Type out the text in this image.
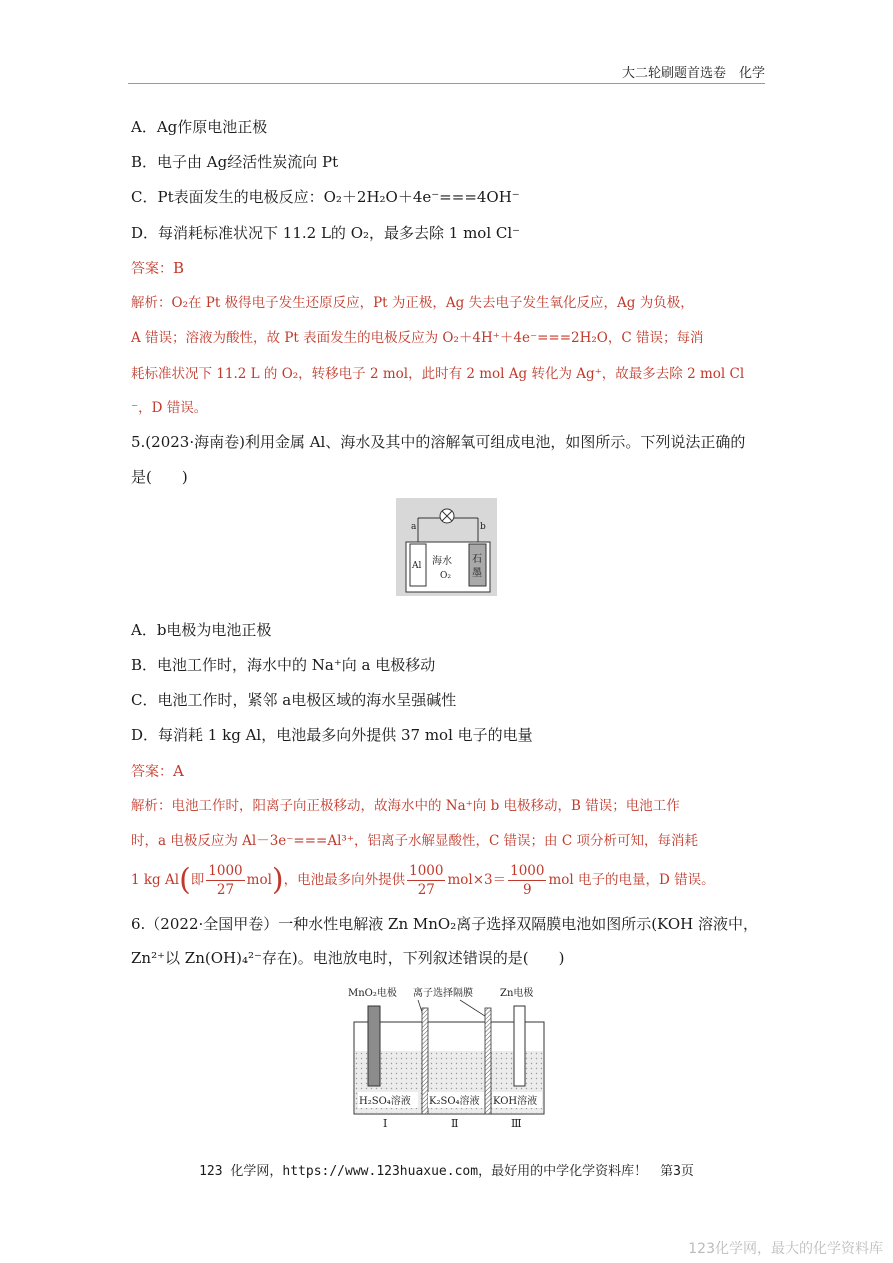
大二轮刷题首选卷　化学
A．Ag作原电池正极
B．电子由 Ag经活性炭流向 Pt
C．Pt表面发生的电极反应：O₂＋2H₂O＋4e⁻===4OH⁻
D．每消耗标准状况下 11.2 L的 O₂，最多去除 1 mol Cl⁻
答案：B
解析：O₂在 Pt 极得电子发生还原反应，Pt 为正极，Ag 失去电子发生氧化反应，Ag 为负极，
A 错误；溶液为酸性，故 Pt 表面发生的电极反应为 O₂＋4H⁺＋4e⁻===2H₂O，C 错误；每消
耗标准状况下 11.2 L 的 O₂，转移电子 2 mol，此时有 2 mol Ag 转化为 Ag⁺，故最多去除 2 mol Cl
⁻，D 错误。
5.(2023·海南卷)利用金属 Al、海水及其中的溶解氧可组成电池，如图所示。下列说法正确的
是(　　)
a	b
Al 海水
O₂
石
墨
A．b电极为电池正极
B．电池工作时，海水中的 Na⁺向 a 电极移动
C．电池工作时，紧邻 a电极区域的海水呈强碱性
D．每消耗 1 kg Al，电池最多向外提供 37 mol 电子的电量
答案：A
解析：电池工作时，阳离子向正极移动，故海水中的 Na⁺向 b 电极移动，B 错误；电池工作
时，a 电极反应为 Al－3e⁻===Al³⁺，铝离子水解显酸性，C 错误；由 C 项分析可知，每消耗
1 kg Al(即 $\frac{1000}{27} mol$)，电池最多向外提供 $\frac{1000}{27} mol\times 3= \frac{1000}{9}$ mol 电子的电量，D 错误。
6.（2022·全国甲卷）一种水性电解液 Zn MnO₂离子选择双隔膜电池如图所示(KOH 溶液中，
Zn²⁺以 Zn(OH)₄²⁻存在)。电池放电时，下列叙述错误的是(　　)
MnO₂电极 离子选择隔膜	Zn电极
H₂SO₄溶液 K₂SO₄溶液 KOH溶液
Ⅰ	Ⅱ	Ⅲ
123 化学网，https://www.123huaxue.com，最好用的中学化学资料库！　第3页
123化学网，最大的化学资料库
